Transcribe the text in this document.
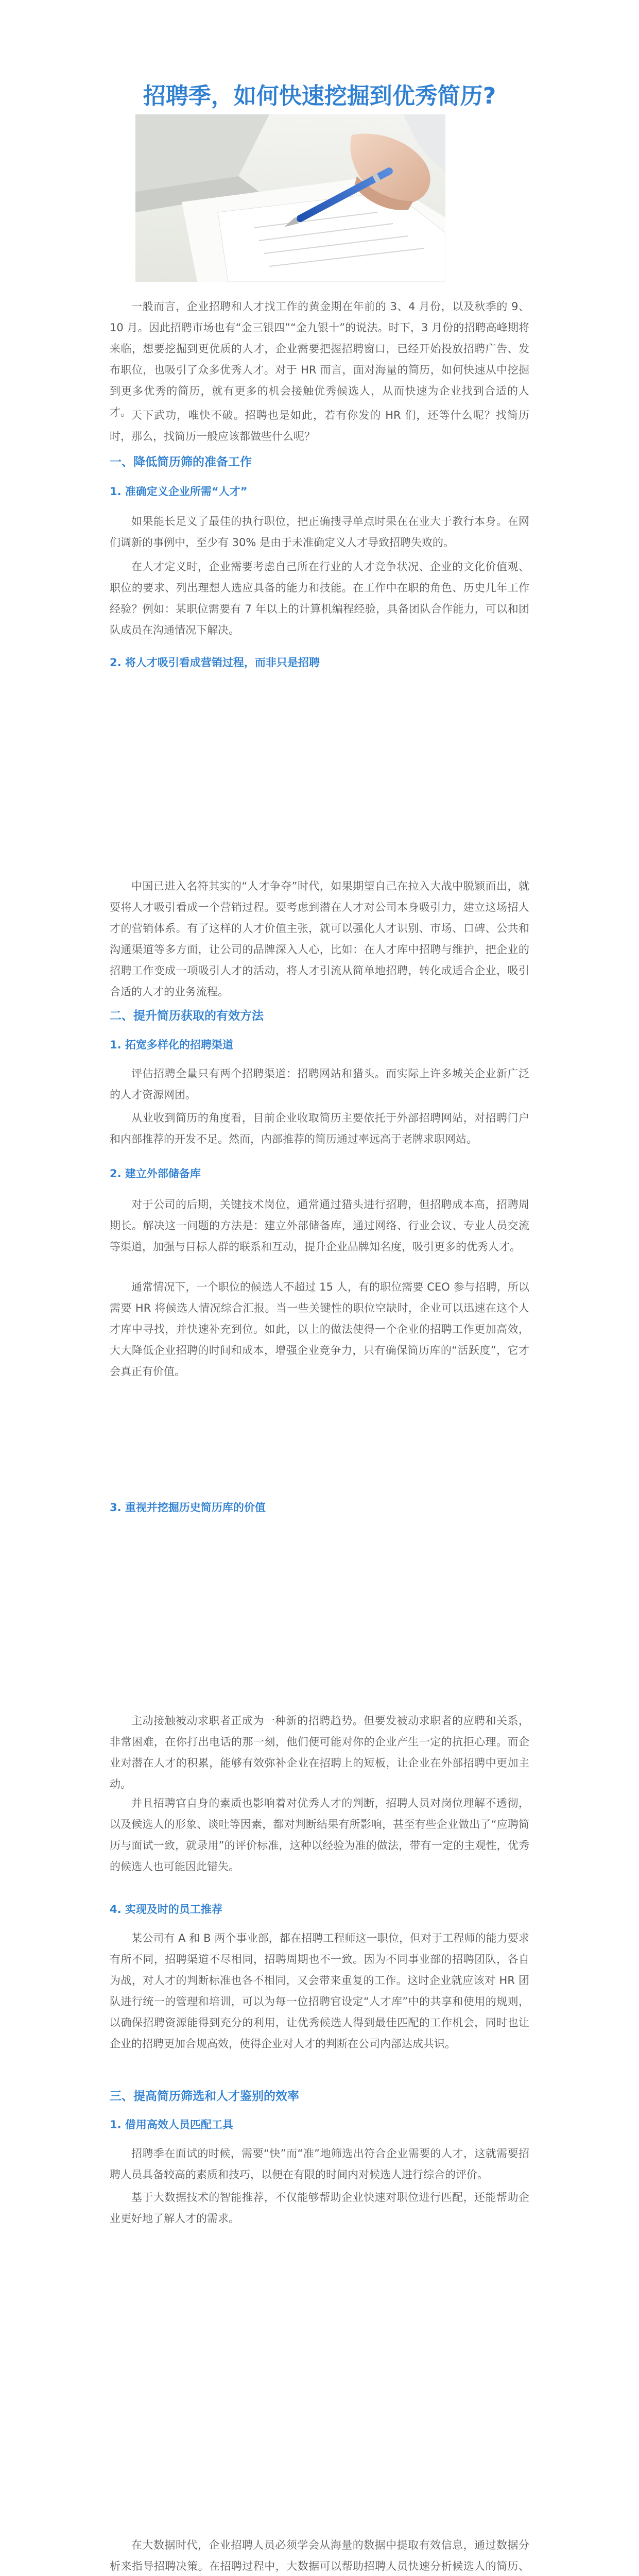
招聘季，如何快速挖掘到优秀简历?

一般而言，企业招聘和人才找工作的黄金期在年前的 3、4 月份，以及秋季的 9、10 月。因此招聘市场也有“金三银四”“金九银十”的说法。时下，3 月份的招聘高峰期将来临，想要挖掘到更优质的人才，企业需要把握招聘窗口，已经开始投放招聘广告、发布职位，也吸引了众多优秀人才。对于 HR 而言，面对海量的简历，如何快速从中挖掘到更多优秀的简历，就有更多的机会接触优秀候选人，从而快速为企业找到合适的人才。 天下武功，唯快不破。招聘也是如此，若有你发的 HR 们，还等什么呢？找简历时，那么，找简历一般应该都做些什么呢？

一、降低简历筛的准备工作
1. 准确定义企业所需“人才”

如果能长足义了最佳的执行职位，把正确搜寻单点时果在在业大于教行本身。在网们调新的事例中，至少有 30% 是由于未准确定义人才导致招聘失败的。

在人才定义时，企业需要考虑自己所在行业的人才竞争状况、企业的文化价值观、职位的要求、列出理想人选应具备的能力和技能。在工作中在职的角色、历史几年工作经验？例如：某职位需要有 7 年以上的计算机编程经验，具备团队合作能力，可以和团队成员在沟通情况下解决。

2. 将人才吸引看成营销过程，而非只是招聘

中国已进入名符其实的“人才争夺”时代，如果期望自己在拉入大战中脱颖而出，就要将人才吸引看成一个营销过程。要考虑到潜在人才对公司本身吸引力，建立这场招人才的营销体系。有了这样的人才价值主张，就可以强化人才识别、市场、口碑、公共和沟通渠道等多方面，让公司的品牌深入人心，比如：在人才库中招聘与维护，把企业的招聘工作变成一项吸引人才的活动，将人才引流从简单地招聘，转化成适合企业，吸引合适的人才的业务流程。

二、提升简历获取的有效方法
1. 拓宽多样化的招聘渠道

评估招聘全量只有两个招聘渠道：招聘网站和猎头。而实际上许多城关企业新广泛的人才资源网团。

从业收到简历的角度看，目前企业收取简历主要依托于外部招聘网站，对招聘门户和内部推荐的开发不足。然而，内部推荐的简历通过率远高于老牌求职网站。

2. 建立外部储备库

对于公司的后期，关键技术岗位，通常通过猎头进行招聘，但招聘成本高，招聘周期长。解决这一问题的方法是：建立外部储备库，通过网络、行业会议、专业人员交流等渠道，加强与目标人群的联系和互动，提升企业品牌知名度，吸引更多的优秀人才。

通常情况下，一个职位的候选人不超过 15 人，有的职位需要 CEO 参与招聘，所以需要 HR 将候选人情况综合汇报。当一些关键性的职位空缺时，企业可以迅速在这个人才库中寻找，并快速补充到位。如此，以上的做法使得一个企业的招聘工作更加高效，大大降低企业招聘的时间和成本，增强企业竞争力，只有确保简历库的“活跃度”，它才会真正有价值。

3. 重视并挖掘历史简历库的价值

主动接触被动求职者正成为一种新的招聘趋势。但要发被动求职者的应聘和关系，非常困难，在你打出电话的那一刻，他们便可能对你的企业产生一定的抗拒心理。而企业对潜在人才的积累，能够有效弥补企业在招聘上的短板，让企业在外部招聘中更加主动。

并且招聘官自身的素质也影响着对优秀人才的判断，招聘人员对岗位理解不透彻，以及候选人的形象、谈吐等因素，都对判断结果有所影响，甚至有些企业做出了“应聘简历与面试一致，就录用”的评价标准，这种以经验为准的做法，带有一定的主观性，优秀的候选人也可能因此错失。

4. 实现及时的员工推荐

某公司有 A 和 B 两个事业部，都在招聘工程师这一职位，但对于工程师的能力要求有所不同，招聘渠道不尽相同，招聘周期也不一致。因为不同事业部的招聘团队，各自为战，对人才的判断标准也各不相同，又会带来重复的工作。这时企业就应该对 HR 团队进行统一的管理和培训，可以为每一位招聘官设定“人才库”中的共享和使用的规则，以确保招聘资源能得到充分的利用，让优秀候选人得到最佳匹配的工作机会，同时也让企业的招聘更加合规高效，使得企业对人才的判断在公司内部达成共识。

三、提高简历筛选和人才鉴别的效率
1. 借用高效人员匹配工具

招聘季在面试的时候，需要“快”而“准”地筛选出符合企业需要的人才，这就需要招聘人员具备较高的素质和技巧，以便在有限的时间内对候选人进行综合的评价。

基于大数据技术的智能推荐，不仅能够帮助企业快速对职位进行匹配，还能帮助企业更好地了解人才的需求。

在大数据时代，企业招聘人员必须学会从海量的数据中提取有效信息，通过数据分析来指导招聘决策。在招聘过程中，大数据可以帮助招聘人员快速分析候选人的简历、
